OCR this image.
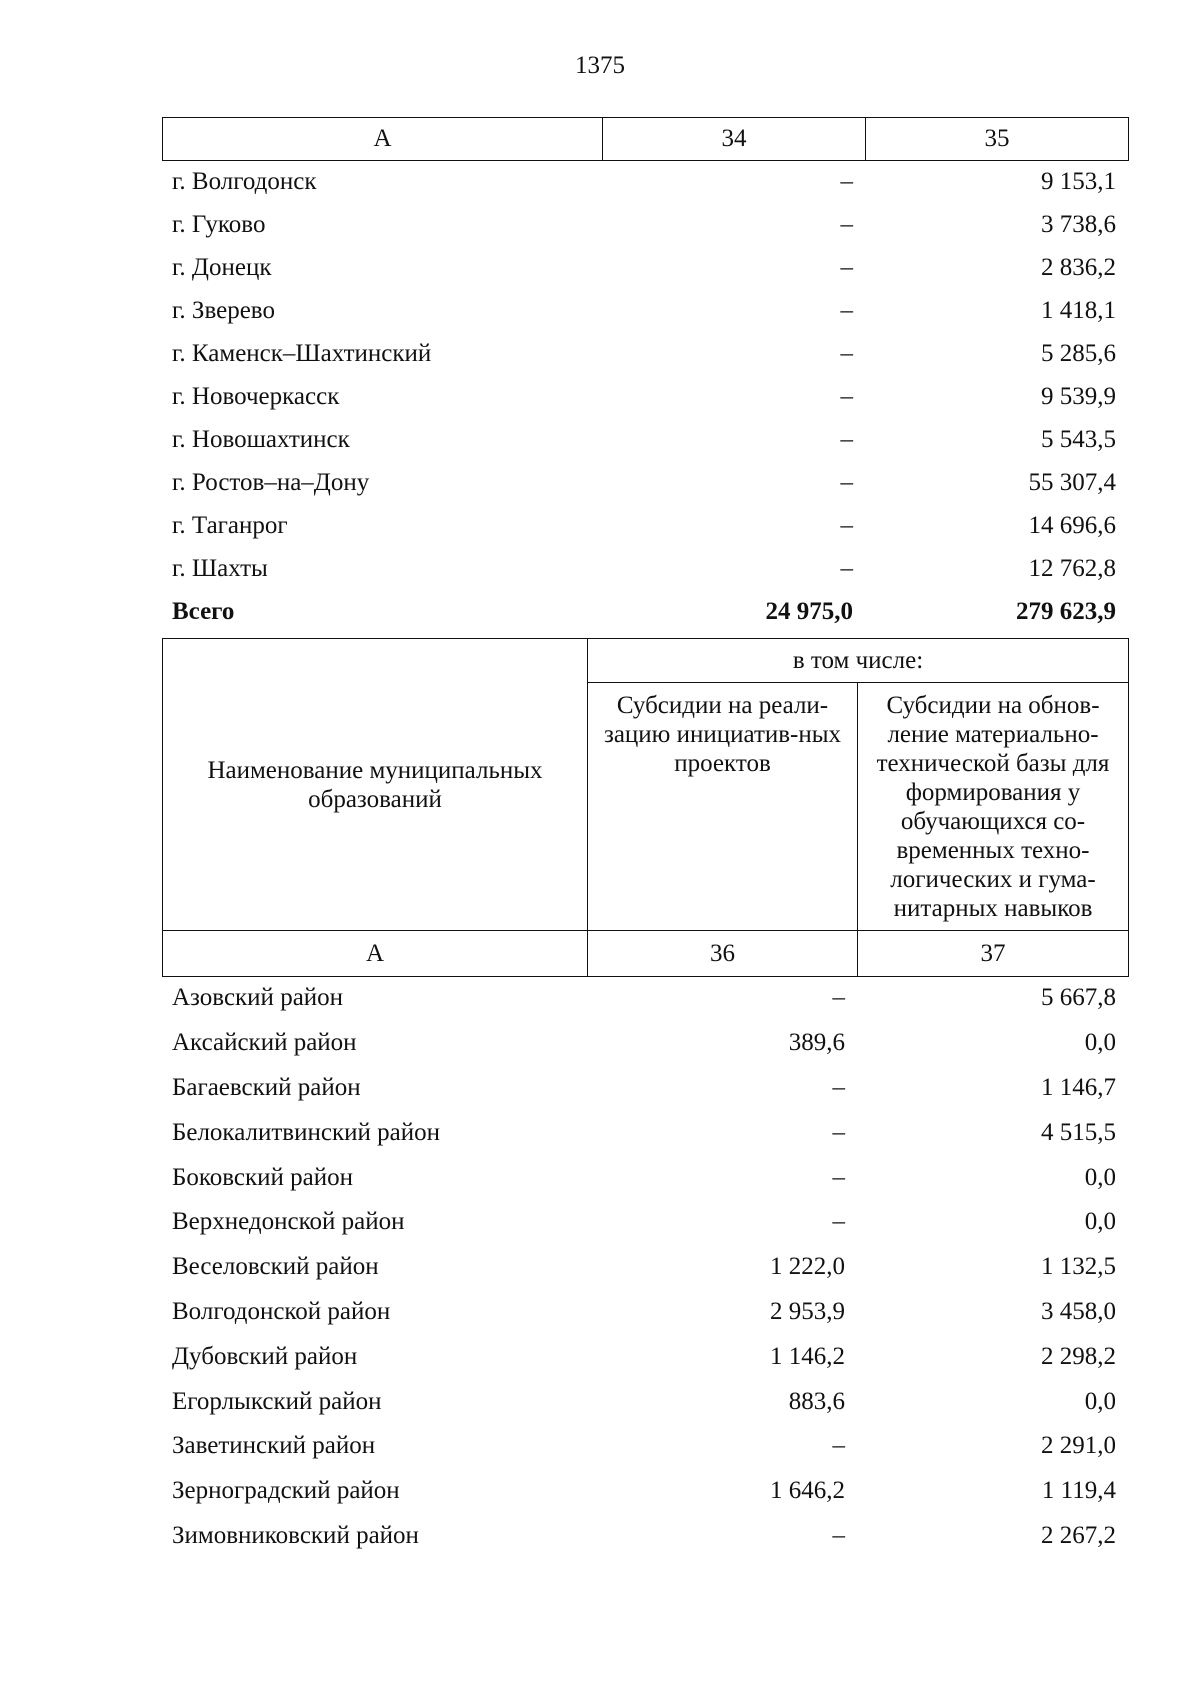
1375
А	34	35
г. Волгодонск	–	9 153,1
г. Гуково	–	3 738,6
г. Донецк	–	2 836,2
г. Зверево	–	1 418,1
г. Каменск–Шахтинский	–	5 285,6
г. Новочеркасск	–	9 539,9
г. Новошахтинск	–	5 543,5
г. Ростов–на–Дону	–	55 307,4
г. Таганрог	–	14 696,6
г. Шахты	–	12 762,8
Всего	24 975,0	279 623,9
Наименование муниципальных образований	в том числе:	
	Субсидии на реали-зацию инициатив-ных проектов	Субсидии на обнов-ление материально-технической базы для формирования у обучающихся со-временных техно-логических и гума-нитарных навыков
А	36	37
Азовский район	–	5 667,8
Аксайский район	389,6	0,0
Багаевский район	–	1 146,7
Белокалитвинский район	–	4 515,5
Боковский район	–	0,0
Верхнедонской район	–	0,0
Веселовский район	1 222,0	1 132,5
Волгодонской район	2 953,9	3 458,0
Дубовский район	1 146,2	2 298,2
Егорлыкский район	883,6	0,0
Заветинский район	–	2 291,0
Зерноградский район	1 646,2	1 119,4
Зимовниковский район	–	2 267,2
